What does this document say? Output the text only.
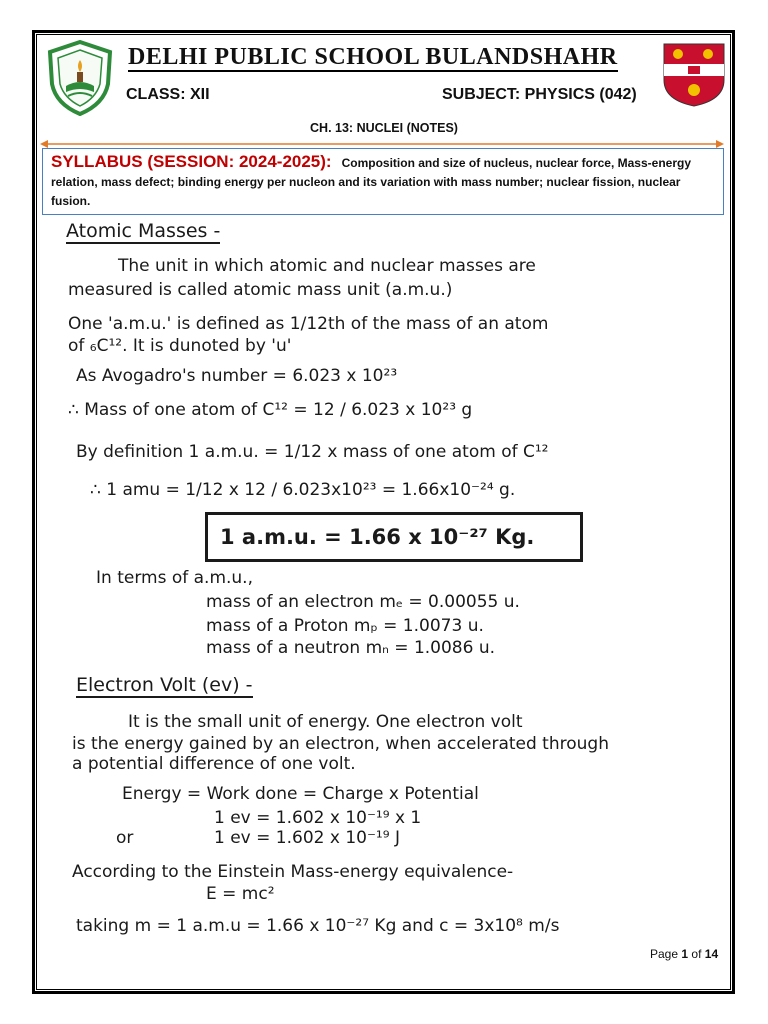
DELHI PUBLIC SCHOOL BULANDSHAHR
CLASS: XII	SUBJECT: PHYSICS (042)
CH. 13: NUCLEI (NOTES)
SYLLABUS (SESSION: 2024-2025): Composition and size of nucleus, nuclear force, Mass-energy relation, mass defect; binding energy per nucleon and its variation with mass number; nuclear fission, nuclear fusion.
Atomic Masses -
The unit in which atomic and nuclear masses are
measured is called atomic mass unit (a.m.u.)
One 'a.m.u.' is defined as 1/12th of the mass of an atom
of ₆C¹². It is dunoted by 'u'
As Avogadro's number = 6.023 x 10²³
∴ Mass of one atom of C¹² = 12 / 6.023 x 10²³ g
By definition 1 a.m.u. = 1/12 x mass of one atom of C¹²
∴ 1 amu = 1/12 x 12 / 6.023x10²³ = 1.66x10⁻²⁴ g.
1 a.m.u. = 1.66 x 10⁻²⁷ Kg.
In terms of a.m.u.,
mass of an electron mₑ = 0.00055 u.
mass of a Proton mₚ = 1.0073 u.
mass of a neutron mₙ = 1.0086 u.
Electron Volt (ev) -
It is the small unit of energy. One electron volt
is the energy gained by an electron, when accelerated through
a potential difference of one volt.
Energy = Work done = Charge x Potential
1 ev = 1.602 x 10⁻¹⁹ x 1
or	1 ev = 1.602 x 10⁻¹⁹ J
According to the Einstein Mass-energy equivalence-
E = mc²
taking m = 1 a.m.u = 1.66 x 10⁻²⁷ Kg and c = 3x10⁸ m/s
Page 1 of 14
